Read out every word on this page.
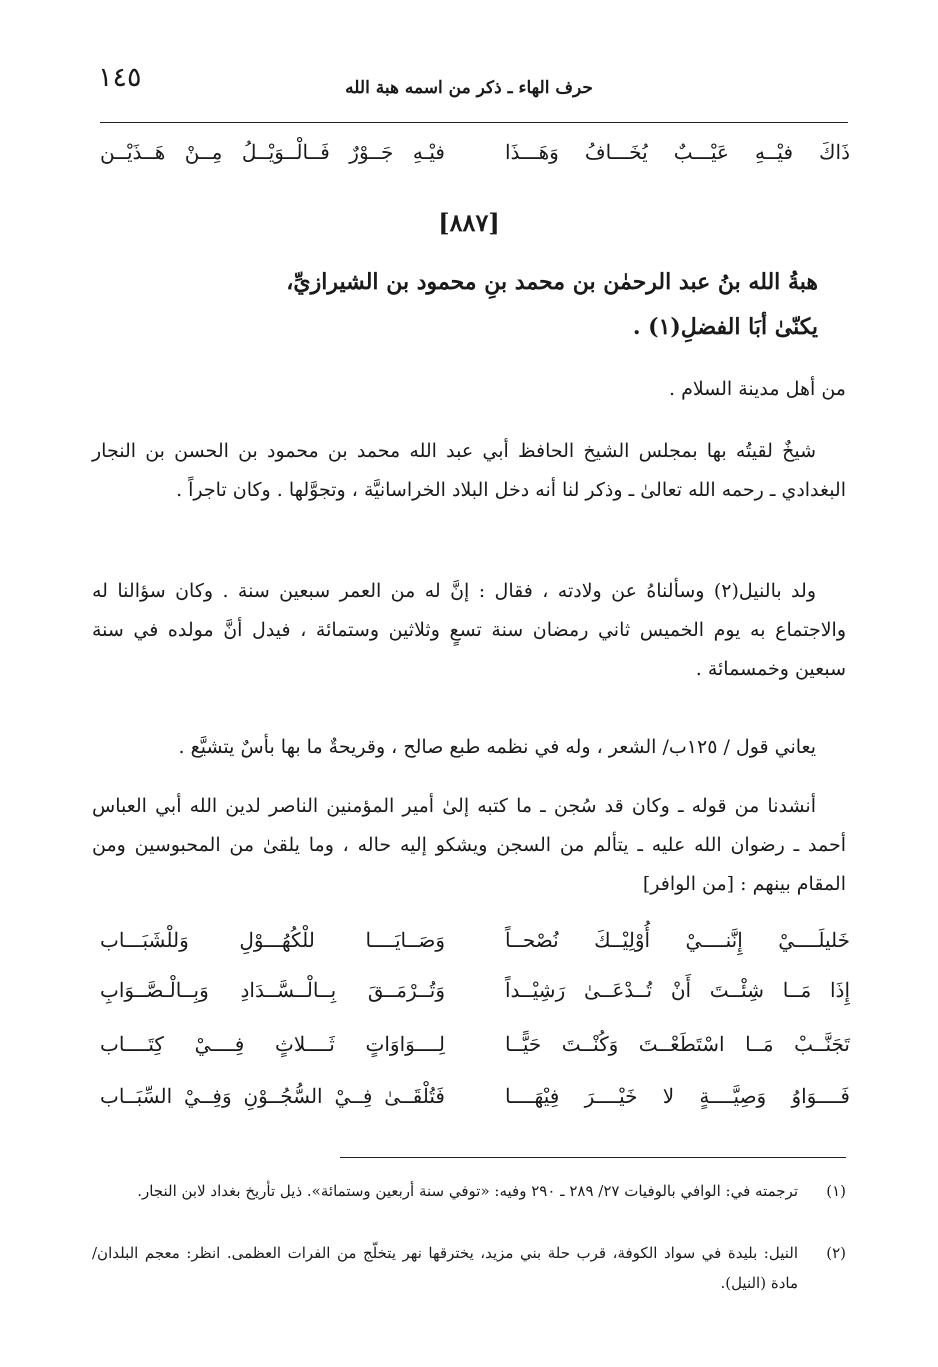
١٤٥	حرف الهاء ـ ذكر من اسمه هبة الله
ذَاكَ فيْــهِ عَيْـــبٌ يُخَـــافُ وَهَـــذَا
فيْـهِ جَــوْرٌ فَــالْــوَيْــلُ مِــنْ هَــذَيْــن
[٨٨٧]
هبةُ الله بنُ عبد الرحمٰن بن محمد بنِ محمود بن الشيرازيِّ،
يكنّىٰ أبَا الفضلِ(١) .
من أهل مدينة السلام .
شيخٌ لقيتُه بها بمجلس الشيخ الحافظ أبي عبد الله محمد بن محمود بن الحسن بن النجار البغدادي ـ رحمه الله تعالىٰ ـ وذكر لنا أنه دخل البلاد الخراسانيَّة ، وتجوَّلها . وكان تاجراً .
ولد بالنيل(٢) وسألناهُ عن ولادته ، فقال : إنَّ له من العمر سبعين سنة . وكان سؤالنا له والاجتماع به يوم الخميس ثاني رمضان سنة تسعٍ وثلاثين وستمائة ، فيدل أنَّ مولده في سنة سبعين وخمسمائة .
يعاني قول / ١٢٥ب/ الشعر ، وله في نظمه طبع صالح ، وقريحةٌ ما بها بأسٌ يتشيَّع .
أنشدنا من قوله ـ وكان قد سُجن ـ ما كتبه إلىٰ أمير المؤمنين الناصر لدين الله أبي العباس أحمد ـ رضوان الله عليه ـ يتألم من السجن ويشكو إليه حاله ، وما يلقىٰ من المحبوسين ومن المقام بينهم : [من الوافر]
خَليلَــــيْ إِنَّنــــيْ أُوْلِيْــكَ نُصْحــاً
وَصَــايَــــا للْكُهُـــوْلِ وَللْشَبَـــاب
إِذَا مَــا شِئْــتَ أَنْ تُــدْعَــىٰ رَشِيْــداً
وَتُــرْمَــقَ بِــالْــسَّــدَادِ وَبِــالْـصَّــوَابِ
تَجَنَّــبْ مَــا اسْتَطَعْــتَ وَكُنْــتَ حَيًّــا
لِــــوَاوَاتٍ ثَــــلاثٍ فِــــيْ كِتَــــاب
فَــــوَاوُ وَصِيَّــــةٍ لا خَيْــــرَ فِيْهَــــا
فَتُلْقَــىٰ فِــيْ السُّجُــوْنِ وَفِــيْ السِّبَــاب
(١)
ترجمته في: الوافي بالوفيات ٢٧/ ٢٨٩ ـ ٢٩٠ وفيه: «توفي سنة أربعين وستمائة». ذيل تأريخ بغداد لابن النجار.
(٢)
النيل: بليدة في سواد الكوفة، قرب حلة بني مزيد، يخترقها نهر يتخلّج من الفرات العظمى. انظر: معجم البلدان/ مادة (النيل).
